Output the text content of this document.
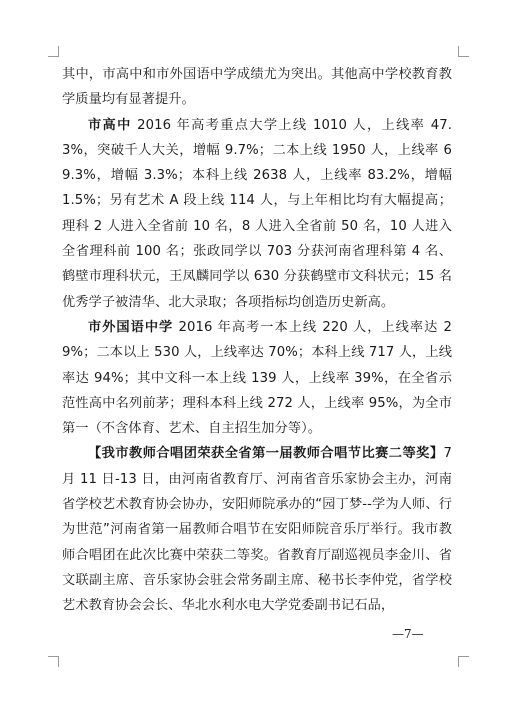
其中，市高中和市外国语中学成绩尤为突出。其他高中学校教育教学质量均有显著提升。

市高中 2016 年高考重点大学上线 1010 人，上线率 47.3%，突破千人大关，增幅 9.7%；二本上线 1950 人，上线率 69.3%，增幅 3.3%；本科上线 2638 人，上线率 83.2%，增幅 1.5%；另有艺术 A 段上线 114 人，与上年相比均有大幅提高；理科 2 人进入全省前 10 名，8 人进入全省前 50 名，10 人进入全省理科前 100 名；张政同学以 703 分获河南省理科第 4 名、鹤壁市理科状元，王凤麟同学以 630 分获鹤壁市文科状元；15 名优秀学子被清华、北大录取；各项指标均创造历史新高。

市外国语中学 2016 年高考一本上线 220 人，上线率达 29%；二本以上 530 人，上线率达 70%；本科上线 717 人，上线率达 94%；其中文科一本上线 139 人，上线率 39%，在全省示范性高中名列前茅；理科本科上线 272 人，上线率 95%，为全市第一（不含体育、艺术、自主招生加分等）。

【我市教师合唱团荣获全省第一届教师合唱节比赛二等奖】7 月 11 日-13 日，由河南省教育厅、河南省音乐家协会主办，河南省学校艺术教育协会协办，安阳师院承办的“园丁梦--学为人师、行为世范”河南省第一届教师合唱节在安阳师院音乐厅举行。我市教师合唱团在此次比赛中荣获二等奖。省教育厅副巡视员李金川、省文联副主席、音乐家协会驻会常务副主席、秘书长李仲党，省学校艺术教育协会会长、华北水利水电大学党委副书记石品，

—7—
